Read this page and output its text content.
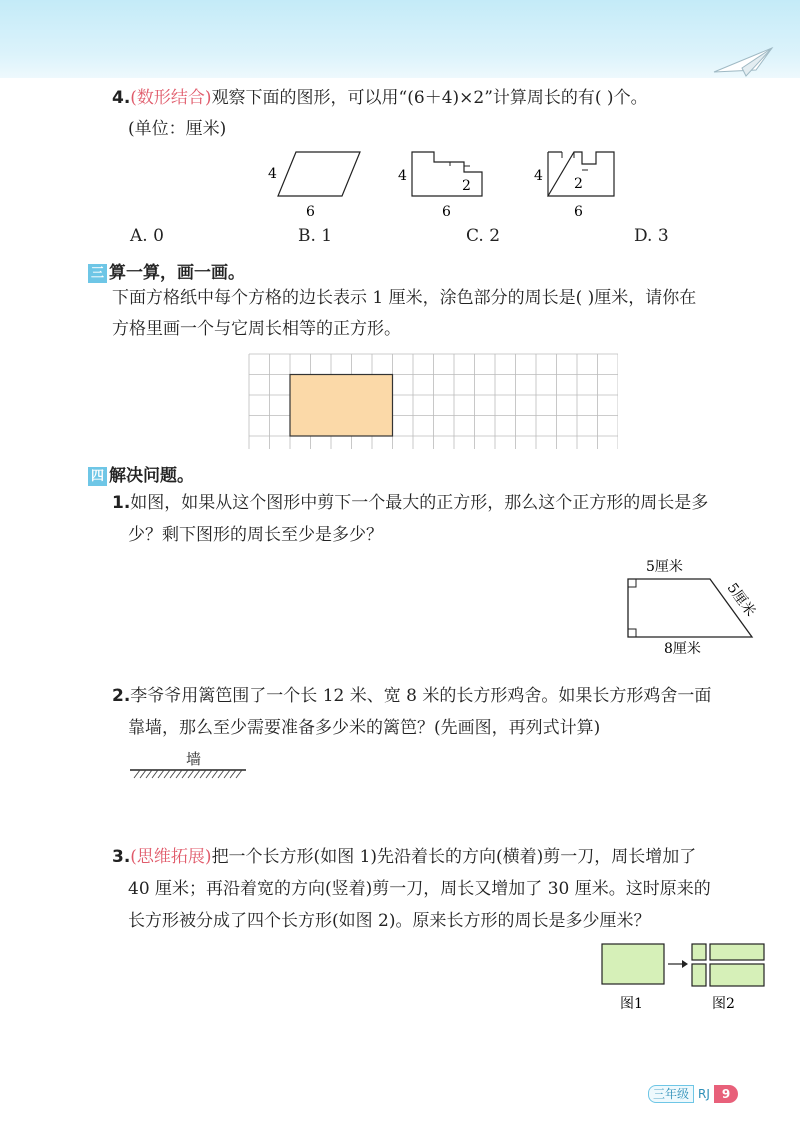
4.(数形结合)观察下面的图形，可以用“(6＋4)×2”计算周长的有( )个。
(单位：厘米)
4
6
4
2
6
4 2
6
A. 0	B. 1	C. 2	D. 3
三 算一算，画一画。
下面方格纸中每个方格的边长表示 1 厘米，涂色部分的周长是( )厘米，请你在
方格里画一个与它周长相等的正方形。
四 解决问题。
1.如图，如果从这个图形中剪下一个最大的正方形，那么这个正方形的周长是多
少？剩下图形的周长至少是多少？
5厘米
5厘米
8厘米
2.李爷爷用篱笆围了一个长 12 米、宽 8 米的长方形鸡舍。如果长方形鸡舍一面
靠墙，那么至少需要准备多少米的篱笆？(先画图，再列式计算)
墙
3.(思维拓展)把一个长方形(如图 1)先沿着长的方向(横着)剪一刀，周长增加了
40 厘米；再沿着宽的方向(竖着)剪一刀，周长又增加了 30 厘米。这时原来的
长方形被分成了四个长方形(如图 2)。原来长方形的周长是多少厘米？
图1	图2
三年级 RJ	9
